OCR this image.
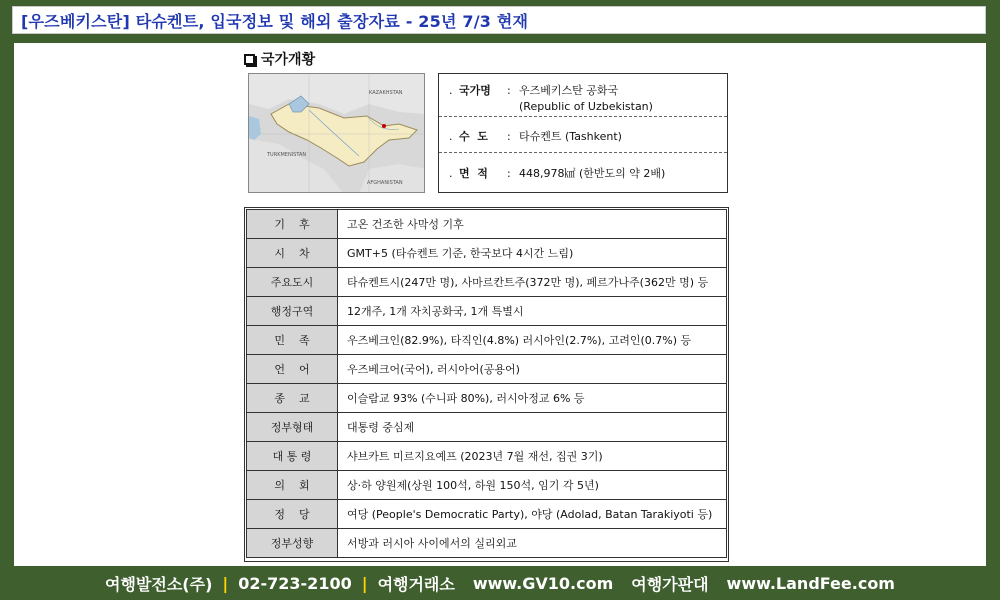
[우즈베키스탄] 타슈켄트, 입국정보 및 해외 출장자료 - 25년 7/3 현재
국가개황
KAZAKHSTAN
TURKMENISTAN
AFGHANISTAN
. 국가명 : 우즈베키스탄 공화국
(Republic of Uzbekistan)
. 수  도 : 타슈켄트 (Tashkent)
. 면  적 : 448,978㎢ (한반도의 약 2배)
기    후	고온 건조한 사막성 기후
시    차	GMT+5 (타슈켄트 기준, 한국보다 4시간 느림)
주요도시	타슈켄트시(247만 명), 사마르칸트주(372만 명), 페르가나주(362만 명) 등
행정구역	12개주, 1개 자치공화국, 1개 특별시
민    족	우즈베크인(82.9%), 타직인(4.8%) 러시아인(2.7%), 고려인(0.7%) 등
언    어	우즈베크어(국어), 러시아어(공용어)
종    교	이슬람교 93% (수니파 80%), 러시아정교 6% 등
정부형태	대통령 중심제
대 통 령	샤브카트 미르지요예프 (2023년 7월 재선, 집권 3기)
의    회	상·하 양원제(상원 100석, 하원 150석, 임기 각 5년)
정    당	여당 (People's Democratic Party), 야당 (Adolad, Batan Tarakiyoti 등)
정부성향	서방과 러시아 사이에서의 실리외교
여행발전소(주) | 02-723-2100 | 여행거래소 www.GV10.com 여행가판대 www.LandFee.com
